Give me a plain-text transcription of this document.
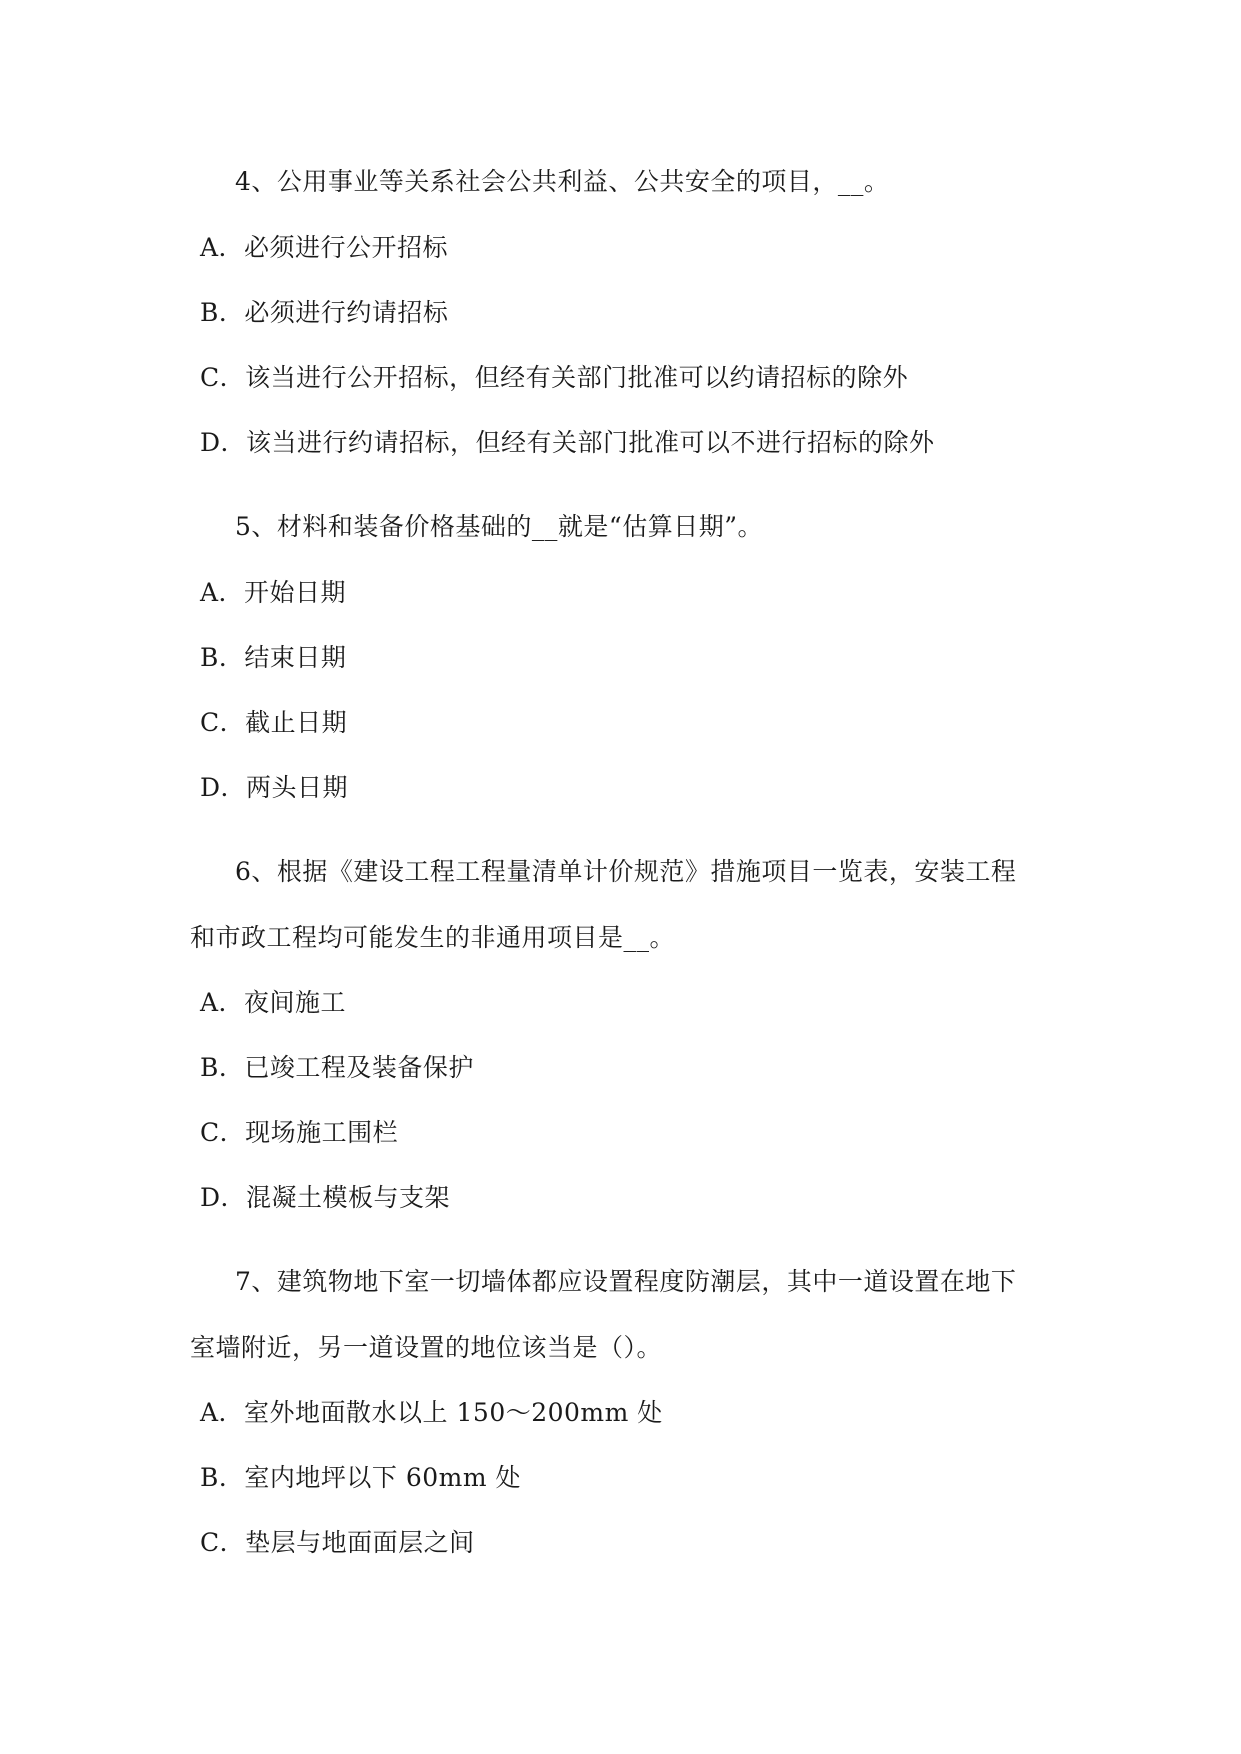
4、公用事业等关系社会公共利益、公共安全的项目，__。
A．必须进行公开招标
B．必须进行约请招标
C．该当进行公开招标，但经有关部门批准可以约请招标的除外
D．该当进行约请招标，但经有关部门批准可以不进行招标的除外
5、材料和装备价格基础的__就是“估算日期”。
A．开始日期
B．结束日期
C．截止日期
D．两头日期
6、根据《建设工程工程量清单计价规范》措施项目一览表，安装工程
和市政工程均可能发生的非通用项目是__。
A．夜间施工
B．已竣工程及装备保护
C．现场施工围栏
D．混凝土模板与支架
7、建筑物地下室一切墙体都应设置程度防潮层，其中一道设置在地下
室墙附近，另一道设置的地位该当是（）。
A．室外地面散水以上 150～200mm 处
B．室内地坪以下 60mm 处
C．垫层与地面面层之间
